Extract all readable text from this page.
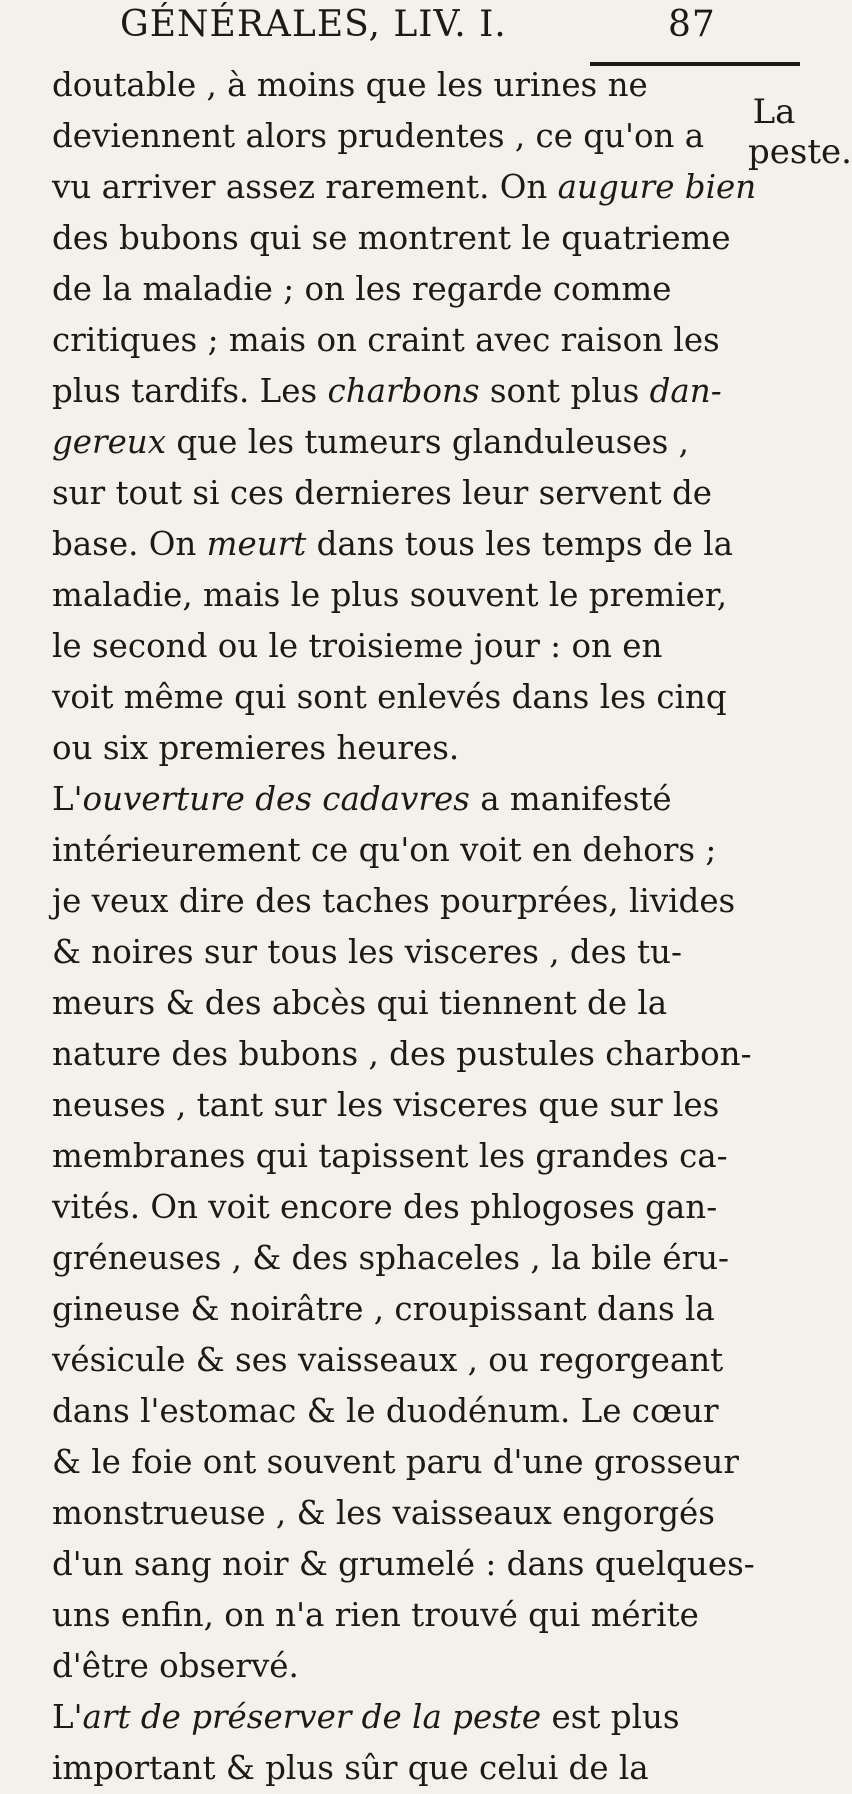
GÉNÉRALES, LIV. I.	87
La peste.
doutable , à moins que les urines ne
deviennent alors prudentes , ce qu'on a
vu arriver assez rarement. On augure bien
des bubons qui se montrent le quatrieme
de la maladie ; on les regarde comme
critiques ; mais on craint avec raison les
plus tardifs. Les charbons sont plus dan-
gereux que les tumeurs glanduleuses ,
sur tout si ces dernieres leur servent de
base. On meurt dans tous les temps de la
maladie, mais le plus souvent le premier,
le second ou le troisieme jour : on en
voit même qui sont enlevés dans les cinq
ou six premieres heures.
L'ouverture des cadavres a manifesté
intérieurement ce qu'on voit en dehors ;
je veux dire des taches pourprées, livides
& noires sur tous les visceres , des tu-
meurs & des abcès qui tiennent de la
nature des bubons , des pustules charbon-
neuses , tant sur les visceres que sur les
membranes qui tapissent les grandes ca-
vités. On voit encore des phlogoses gan-
gréneuses , & des sphaceles , la bile éru-
gineuse & noirâtre , croupissant dans la
vésicule & ses vaisseaux , ou regorgeant
dans l'estomac & le duodénum. Le cœur
& le foie ont souvent paru d'une grosseur
monstrueuse , & les vaisseaux engorgés
d'un sang noir & grumelé : dans quelques-
uns enfin, on n'a rien trouvé qui mérite
d'être observé.
L'art de préserver de la peste est plus
important & plus sûr que celui de la
